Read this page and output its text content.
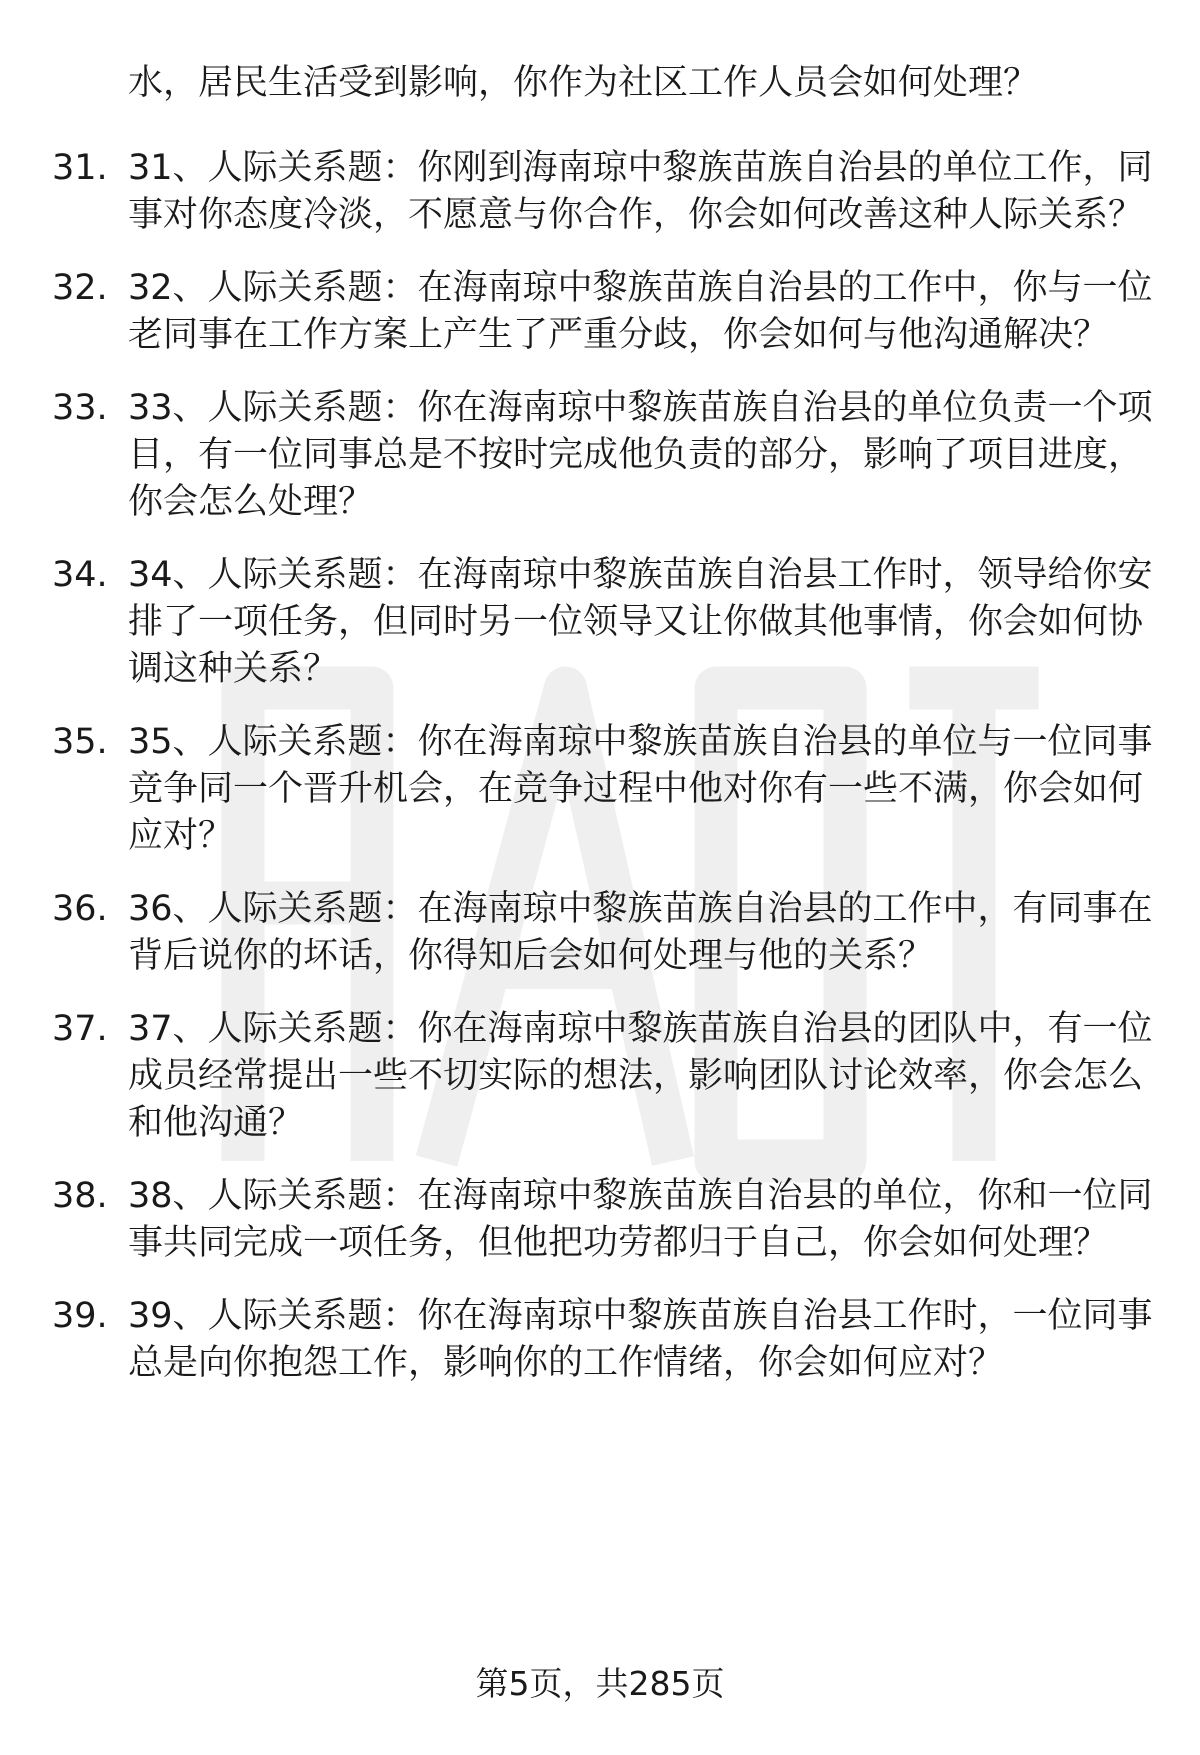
水，居民生活受到影响，你作为社区工作人员会如何处理？

31. 31、人际关系题：你刚到海南琼中黎族苗族自治县的单位工作，同事对你态度冷淡，不愿意与你合作，你会如何改善这种人际关系？
32. 32、人际关系题：在海南琼中黎族苗族自治县的工作中，你与一位老同事在工作方案上产生了严重分歧，你会如何与他沟通解决？
33. 33、人际关系题：你在海南琼中黎族苗族自治县的单位负责一个项目，有一位同事总是不按时完成他负责的部分，影响了项目进度，你会怎么处理？
34. 34、人际关系题：在海南琼中黎族苗族自治县工作时，领导给你安排了一项任务，但同时另一位领导又让你做其他事情，你会如何协调这种关系？
35. 35、人际关系题：你在海南琼中黎族苗族自治县的单位与一位同事竞争同一个晋升机会，在竞争过程中他对你有一些不满，你会如何应对？
36. 36、人际关系题：在海南琼中黎族苗族自治县的工作中，有同事在背后说你的坏话，你得知后会如何处理与他的关系？
37. 37、人际关系题：你在海南琼中黎族苗族自治县的团队中，有一位成员经常提出一些不切实际的想法，影响团队讨论效率，你会怎么和他沟通？
38. 38、人际关系题：在海南琼中黎族苗族自治县的单位，你和一位同事共同完成一项任务，但他把功劳都归于自己，你会如何处理？
39. 39、人际关系题：你在海南琼中黎族苗族自治县工作时，一位同事总是向你抱怨工作，影响你的工作情绪，你会如何应对？

第5页，共285页
